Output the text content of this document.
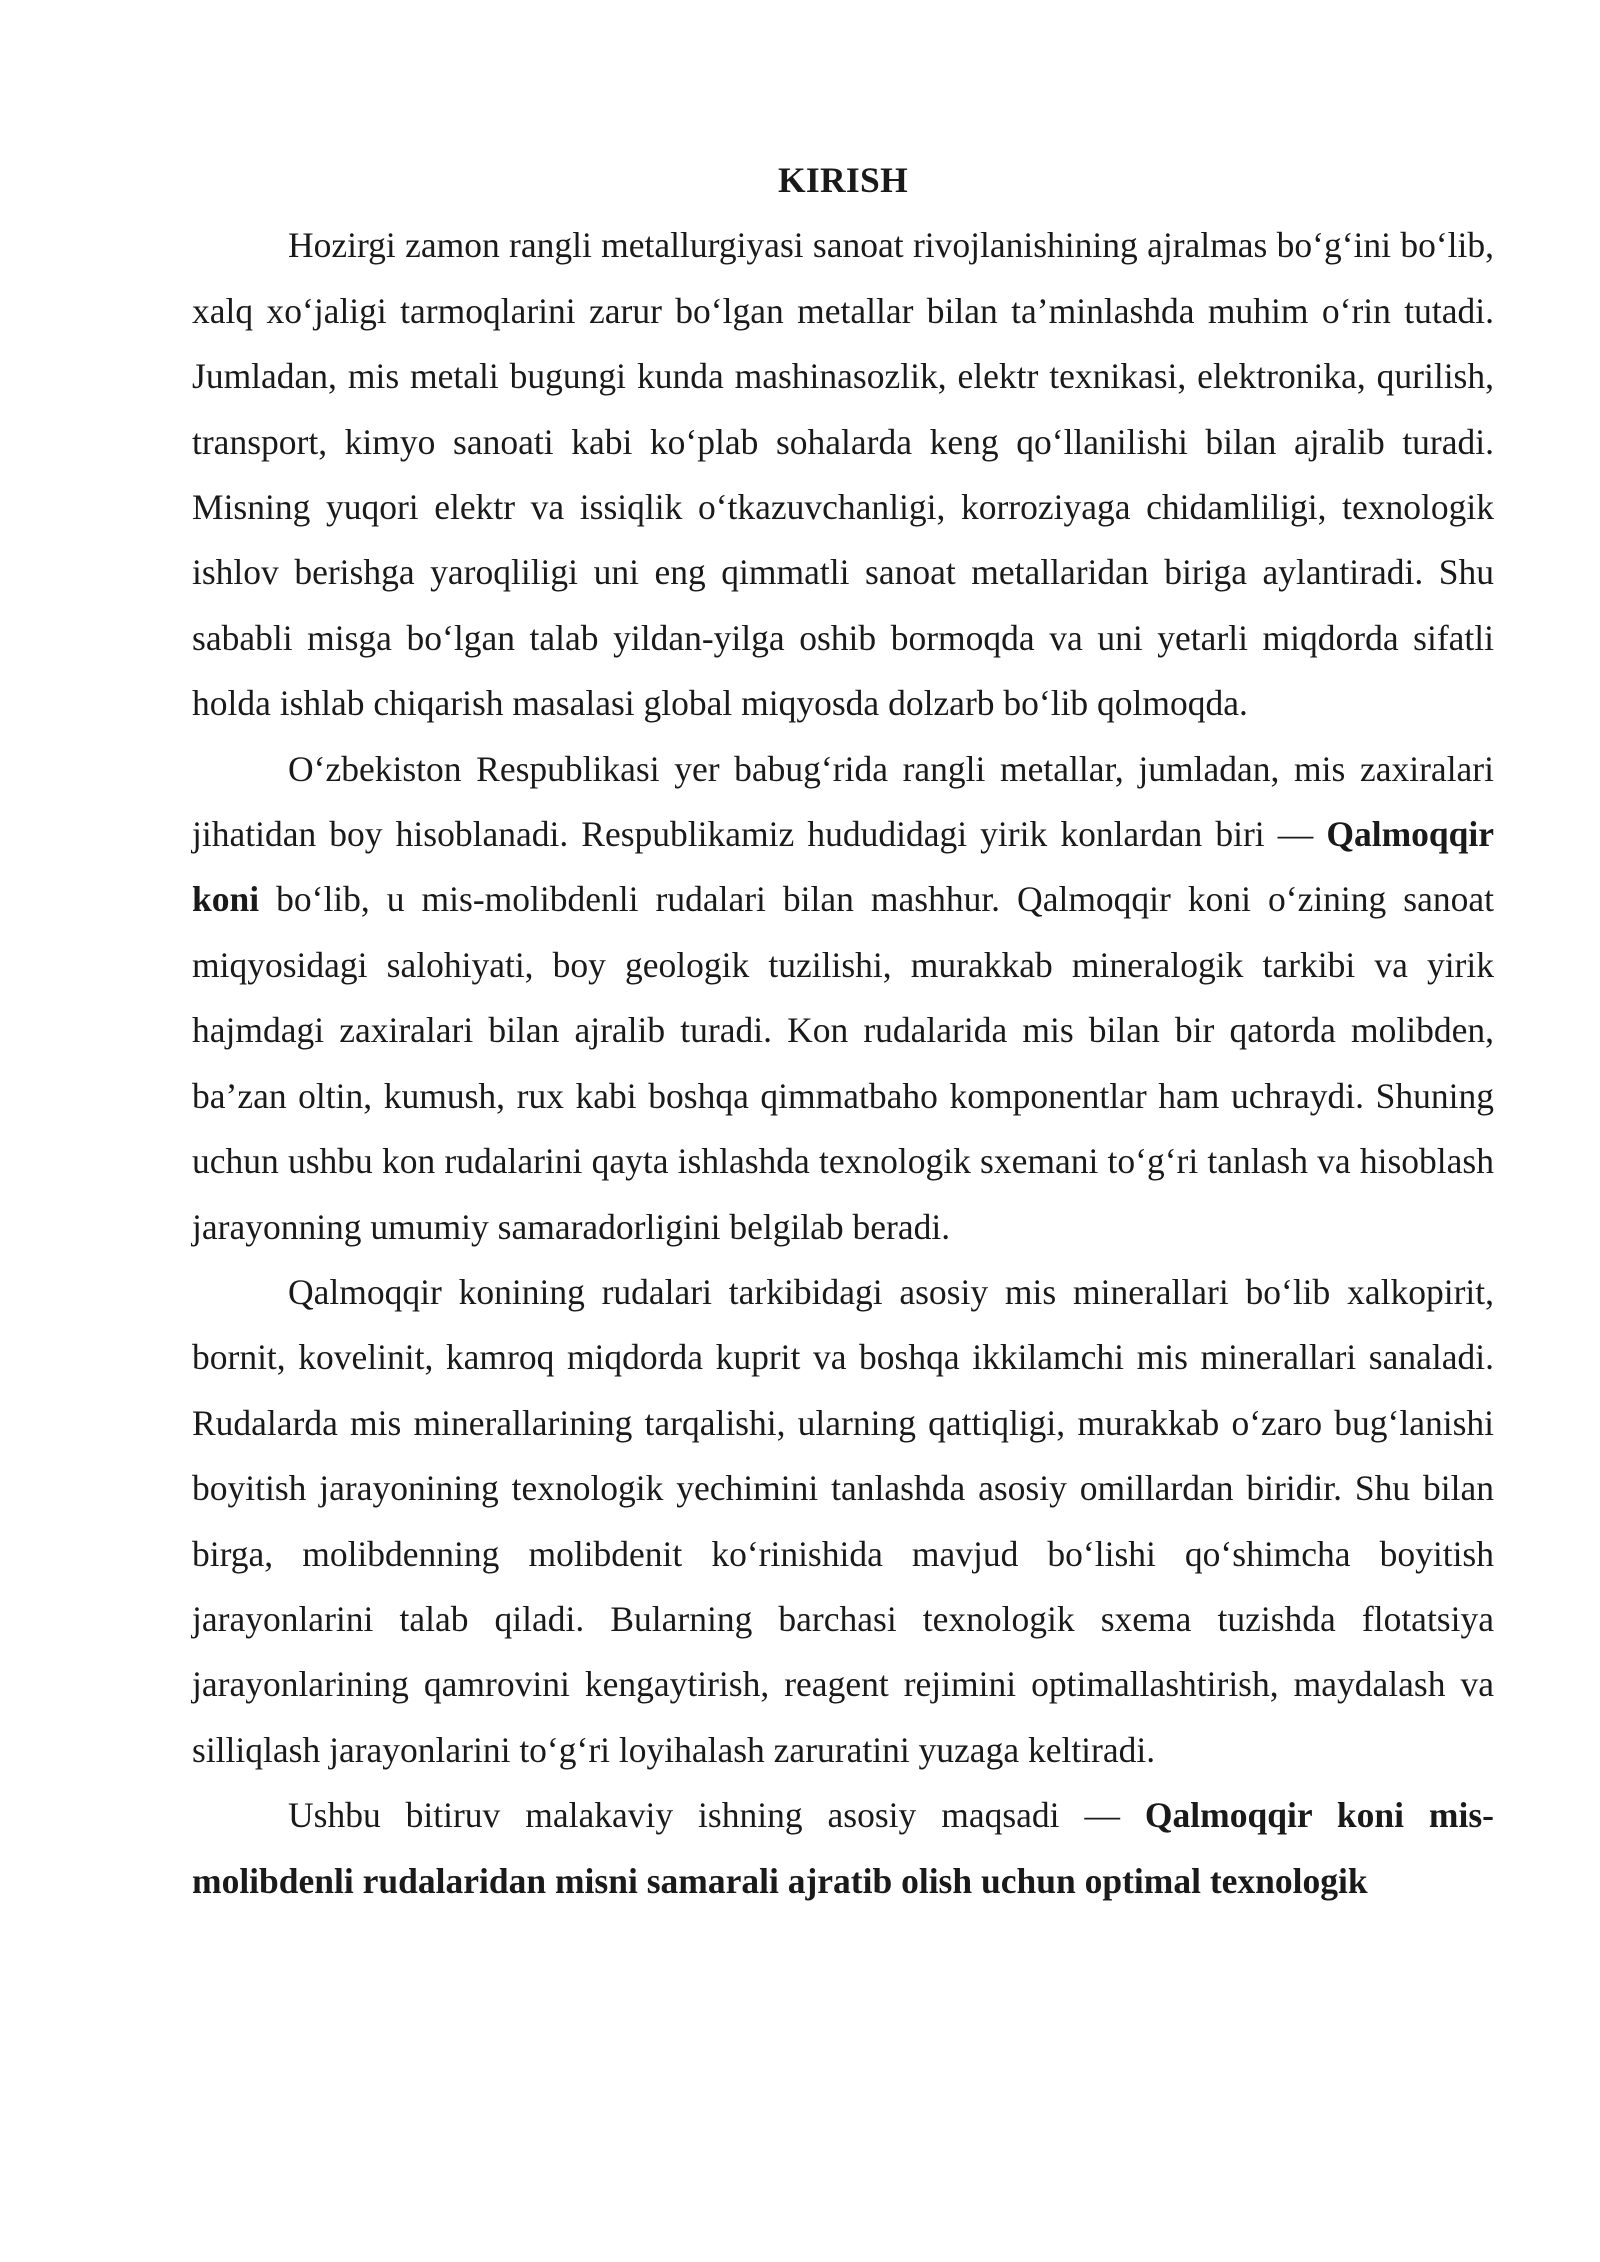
KIRISH

Hozirgi zamon rangli metallurgiyasi sanoat rivojlanishining ajralmas bo‘g‘ini bo‘lib, xalq xo‘jaligi tarmoqlarini zarur bo‘lgan metallar bilan ta’minlashda muhim o‘rin tutadi. Jumladan, mis metali bugungi kunda mashinasozlik, elektr texnikasi, elektronika, qurilish, transport, kimyo sanoati kabi ko‘plab sohalarda keng qo‘llanilishi bilan ajralib turadi. Misning yuqori elektr va issiqlik o‘tkazuvchanligi, korroziyaga chidamliligi, texnologik ishlov berishga yaroqliligi uni eng qimmatli sanoat metallaridan biriga aylantiradi. Shu sababli misga bo‘lgan talab yildan-yilga oshib bormoqda va uni yetarli miqdorda sifatli holda ishlab chiqarish masalasi global miqyosda dolzarb bo‘lib qolmoqda.

O‘zbekiston Respublikasi yer babug‘rida rangli metallar, jumladan, mis zaxiralari jihatidan boy hisoblanadi. Respublikamiz hududidagi yirik konlardan biri — Qalmoqqir koni bo‘lib, u mis-molibdenli rudalari bilan mashhur. Qalmoqqir koni o‘zining sanoat miqyosidagi salohiyati, boy geologik tuzilishi, murakkab mineralogik tarkibi va yirik hajmdagi zaxiralari bilan ajralib turadi. Kon rudalarida mis bilan bir qatorda molibden, ba’zan oltin, kumush, rux kabi boshqa qimmatbaho komponentlar ham uchraydi. Shuning uchun ushbu kon rudalarini qayta ishlashda texnologik sxemani to‘g‘ri tanlash va hisoblash jarayonning umumiy samaradorligini belgilab beradi.

Qalmoqqir konining rudalari tarkibidagi asosiy mis minerallari bo‘lib xalkopirit, bornit, kovelinit, kamroq miqdorda kuprit va boshqa ikkilamchi mis minerallari sanaladi. Rudalarda mis minerallarining tarqalishi, ularning qattiqligi, murakkab o‘zaro bug‘lanishi boyitish jarayonining texnologik yechimini tanlashda asosiy omillardan biridir. Shu bilan birga, molibdenning molibdenit ko‘rinishida mavjud bo‘lishi qo‘shimcha boyitish jarayonlarini talab qiladi. Bularning barchasi texnologik sxema tuzishda flotatsiya jarayonlarining qamrovini kengaytirish, reagent rejimini optimallashtirish, maydalash va silliqlash jarayonlarini to‘g‘ri loyihalash zaruratini yuzaga keltiradi.

Ushbu bitiruv malakaviy ishning asosiy maqsadi — Qalmoqqir koni mis-molibdenli rudalaridan misni samarali ajratib olish uchun optimal texnologik
